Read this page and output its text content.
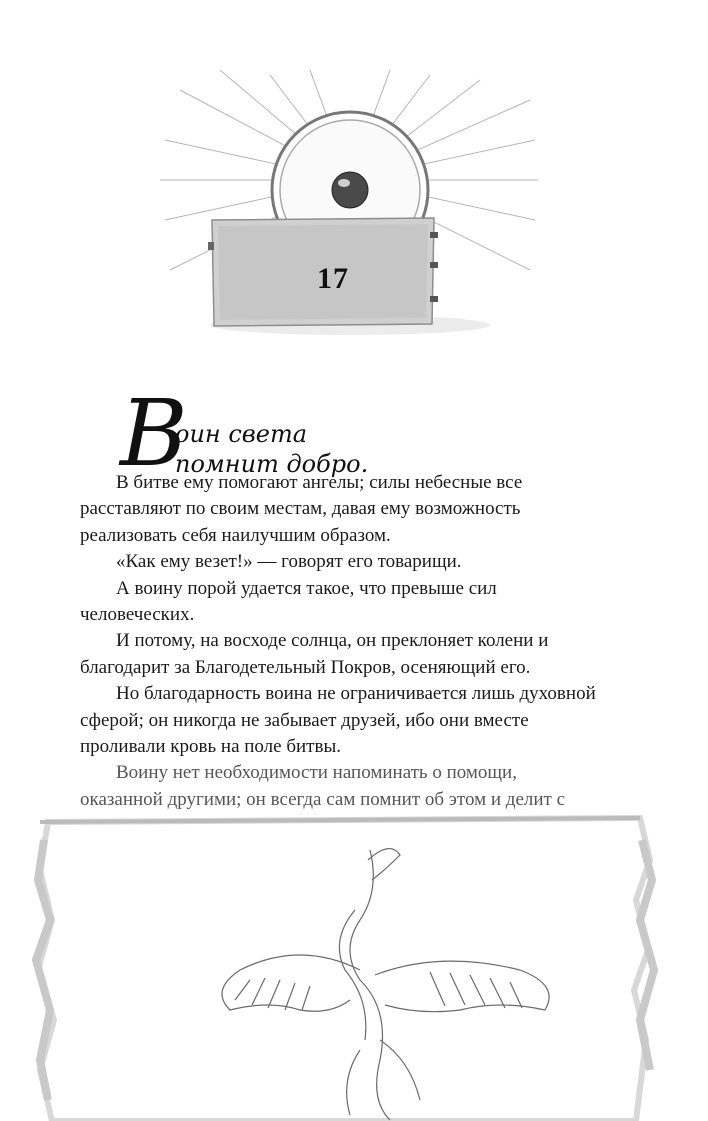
17
В
оин света
помнит добро.

В битве ему помогают ангелы; силы небесные все расставляют по своим местам, давая ему возможность реализовать себя наилучшим образом.

«Как ему везет!» — говорят его товарищи.

А воину порой удается такое, что превыше сил человеческих.

И потому, на восходе солнца, он преклоняет колени и благодарит за Благодетельный Покров, осеняющий его.

Но благодарность воина не ограничивается лишь духовной сферой; он никогда не забывает друзей, ибо они вместе проливали кровь на поле битвы.

Воину нет необходимости напоминать о помощи, оказанной другими; он всегда сам помнит об этом и делит с
